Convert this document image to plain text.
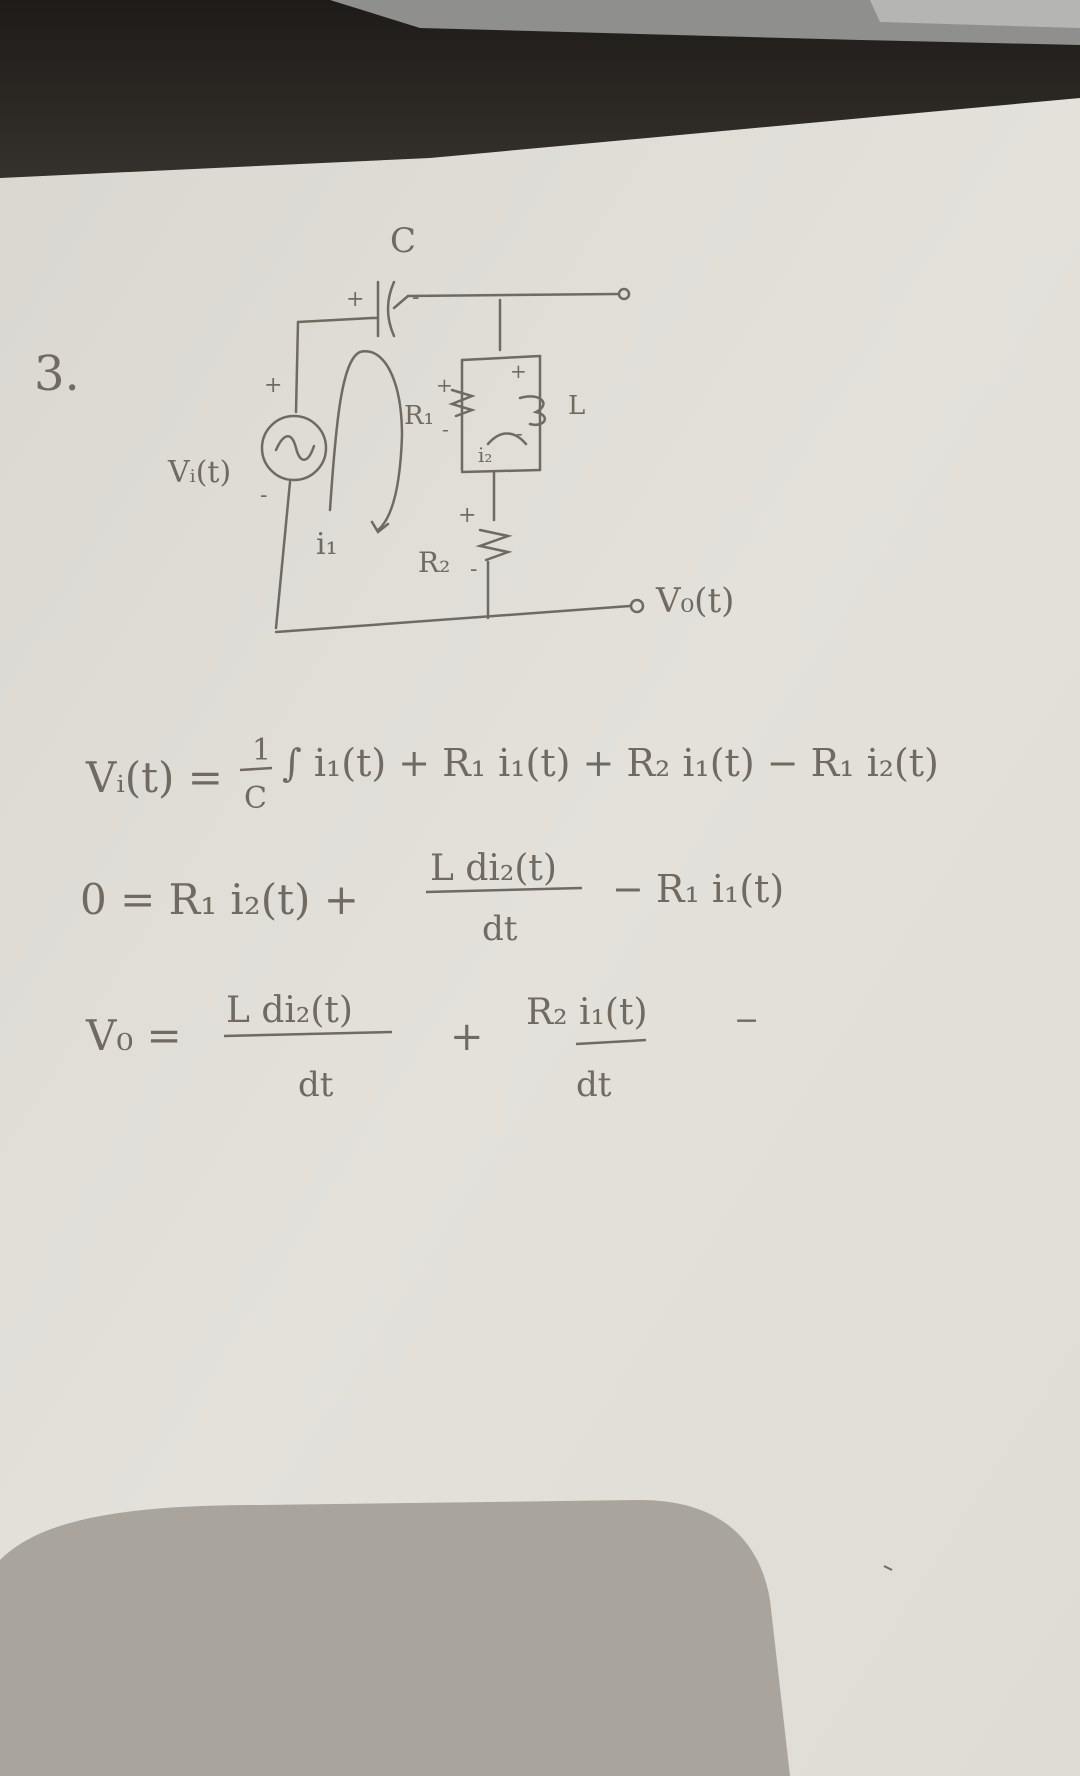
3.
C
+ -
+
-
Vᵢ(t)
R₁
+
-
L
+
-
i₂
+
R₂ -
i₁
V₀(t)
Vᵢ(t) =
1
C
∫ i₁(t) + R₁ i₁(t) + R₂ i₁(t) − R₁ i₂(t)
0 = R₁ i₂(t) +
L di₂(t)
dt
− R₁ i₁(t)
V₀ =
L di₂(t)
dt
+
R₂ i₁(t)
dt
−
